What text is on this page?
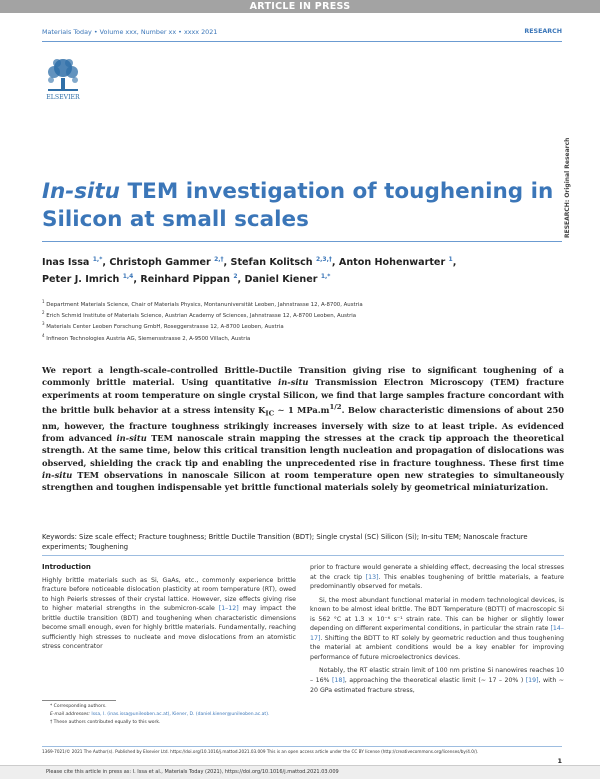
ARTICLE IN PRESS
Materials Today • Volume xxx, Number xx • xxxx 2021	RESEARCH
ELSEVIER
RESEARCH: Original Research
In-situ TEM investigation of toughening in
Silicon at small scales
Inas Issa $^{1,*}$, Christoph Gammer $^{2,\dagger}$, Stefan Kolitsch $^{2,3,\dagger}$, Anton Hohenwarter $^1$,
Peter J. Imrich $^{1,4}$, Reinhard Pippan $^2$, Daniel Kiener $^{1,*}$
$^1$ Department Materials Science, Chair of Materials Physics, Montanuniversität Leoben, Jahnstrasse 12, A-8700, Austria
$^2$ Erich Schmid Institute of Materials Science, Austrian Academy of Sciences, Jahnstrasse 12, A-8700 Leoben, Austria
$^3$ Materials Center Leoben Forschung GmbH, Roseggerstrasse 12, A-8700 Leoben, Austria
$^4$ Infineon Technologies Austria AG, Siemensstrasse 2, A-9500 Villach, Austria
We report a length-scale-controlled Brittle-Ductile Transition giving rise to significant toughening of a commonly brittle material. Using quantitative in-situ Transmission Electron Microscopy (TEM) fracture experiments at room temperature on single crystal Silicon, we find that large samples fracture concordant with the brittle bulk behavior at a stress intensity $K_{IC}$ ∼ 1 $MPa.m^{1/2}$. Below characteristic dimensions of about 250 nm, however, the fracture toughness strikingly increases inversely with size to at least triple. As evidenced from advanced in-situ TEM nanoscale strain mapping the stresses at the crack tip approach the theoretical strength. At the same time, below this critical transition length nucleation and propagation of dislocations was observed, shielding the crack tip and enabling the unprecedented rise in fracture toughness. These first time in-situ TEM observations in nanoscale Silicon at room temperature open new strategies to simultaneously strengthen and toughen indispensable yet brittle functional materials solely by geometrical miniaturization.
Keywords: Size scale effect; Fracture toughness; Brittle Ductile Transition (BDT); Single crystal (SC) Silicon (Si); In-situ TEM; Nanoscale fracture experiments; Toughening
Introduction

Highly brittle materials such as Si, GaAs, etc., commonly experience brittle fracture before noticeable dislocation plasticity at room temperature (RT), owed to high Peierls stresses of their crystal lattice. However, size effects giving rise to higher material strengths in the submicron-scale [1–12] may impact the brittle ductile transition (BDT) and toughening when characteristic dimensions become small enough, even for highly brittle materials. Fundamentally, reaching sufficiently high stresses to nucleate and move dislocations from an atomistic stress concentrator

prior to fracture would generate a shielding effect, decreasing the local stresses at the crack tip [13]. This enables toughening of brittle materials, a feature predominantly observed for metals.

Si, the most abundant functional material in modern technological devices, is known to be almost ideal brittle. The BDT Temperature (BDTT) of macroscopic Si is 562 °C at 1.3 × 10⁻⁶ s⁻¹ strain rate. This can be higher or slightly lower depending on different experimental conditions, in particular the strain rate [14–17]. Shifting the BDTT to RT solely by geometric reduction and thus toughening the material at ambient conditions would be a key enabler for improving performance of future microelectronics devices.

Notably, the RT elastic strain limit of 100 nm pristine Si nanowires reaches 10 – 16% [18], approaching the theoretical elastic limit (∼ 17 – 20% ) [19], with ∼ 20 GPa estimated fracture stress,

* Corresponding authors.
E-mail addresses: Issa, I. (inas.issa@unileoben.ac.at), Kiener, D. (daniel.kiener@unileoben.ac.at).
† These authors contributed equally to this work.
1369-7021/© 2021 The Author(s). Published by Elsevier Ltd. https://doi.org/10.1016/j.mattod.2021.03.009 This is an open access article under the CC BY license (http://creativecommons.org/licenses/by/4.0/).
1
Please cite this article in press as: I. Issa et al., Materials Today (2021), https://doi.org/10.1016/j.mattod.2021.03.009
